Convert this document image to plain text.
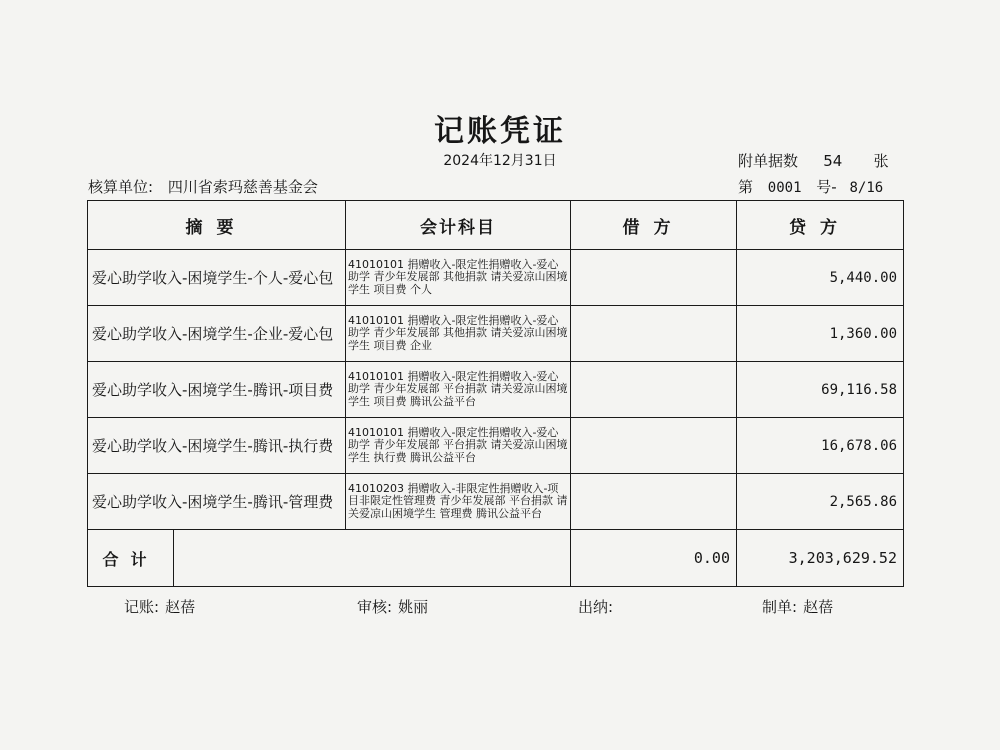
记账凭证
2024年12月31日	附单据数 54 张
核算单位: 四川省索玛慈善基金会	第 0001 号- 8/16
摘要		会计科目	借方	贷方
爱心助学收入-困境学生-个人-爱心包		41010101 捐赠收入-限定性捐赠收入-爱心助学 青少年发展部 其他捐款 请关爱凉山困境学生 项目费 个人		5,440.00
爱心助学收入-困境学生-企业-爱心包		41010101 捐赠收入-限定性捐赠收入-爱心助学 青少年发展部 其他捐款 请关爱凉山困境学生 项目费 企业		1,360.00
爱心助学收入-困境学生-腾讯-项目费		41010101 捐赠收入-限定性捐赠收入-爱心助学 青少年发展部 平台捐款 请关爱凉山困境学生 项目费 腾讯公益平台		69,116.58
爱心助学收入-困境学生-腾讯-执行费		41010101 捐赠收入-限定性捐赠收入-爱心助学 青少年发展部 平台捐款 请关爱凉山困境学生 执行费 腾讯公益平台		16,678.06
爱心助学收入-困境学生-腾讯-管理费		41010203 捐赠收入-非限定性捐赠收入-项目非限定性管理费 青少年发展部 平台捐款 请关爱凉山困境学生 管理费 腾讯公益平台		2,565.86
合计			0.00	3,203,629.52
记账: 赵蓓	审核: 姚丽	出纳:	制单: 赵蓓
